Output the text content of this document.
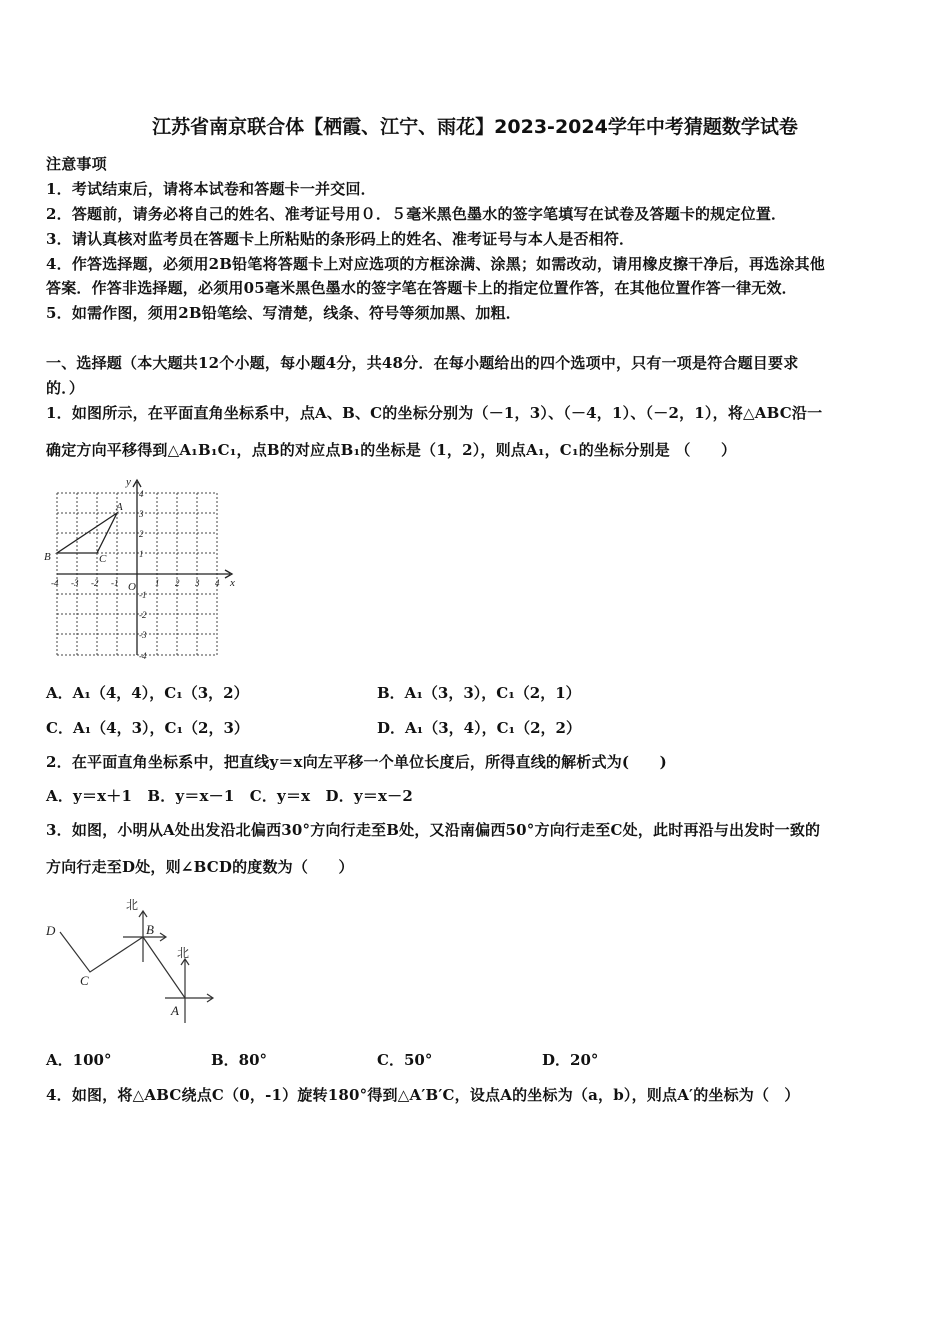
江苏省南京联合体【栖霞、江宁、雨花】2023-2024学年中考猜题数学试卷
注意事项
1．考试结束后，请将本试卷和答题卡一并交回．
2．答题前，请务必将自己的姓名、准考证号用０．５毫米黑色墨水的签字笔填写在试卷及答题卡的规定位置．
3．请认真核对监考员在答题卡上所粘贴的条形码上的姓名、准考证号与本人是否相符．
4．作答选择题，必须用2B铅笔将答题卡上对应选项的方框涂满、涂黑；如需改动，请用橡皮擦干净后，再选涂其他
答案．作答非选择题，必须用05毫米黑色墨水的签字笔在答题卡上的指定位置作答，在其他位置作答一律无效．
5．如需作图，须用2B铅笔绘、写清楚，线条、符号等须加黑、加粗．
一、选择题（本大题共12个小题，每小题4分，共48分．在每小题给出的四个选项中，只有一项是符合题目要求
的．）
1．如图所示，在平面直角坐标系中，点A、B、C的坐标分别为（－1，3）、（－4，1）、（－2，1），将△ABC沿一
确定方向平移得到△A₁B₁C₁，点B的对应点B₁的坐标是（1，2），则点A₁，C₁的坐标分别是 （　　）
y
x
O
A
B	C
-4 -3 -2 -1	1 2 3 4
4
3
2
1
-1
-2
-3
-4
A．A₁（4，4），C₁（3，2）	B．A₁（3，3），C₁（2，1）
C．A₁（4，3），C₁（2，3）	D．A₁（3，4），C₁（2，2）
2．在平面直角坐标系中，把直线y＝x向左平移一个单位长度后，所得直线的解析式为(　　)
A．y＝x＋1　B．y＝x－1　C．y＝x　D．y＝x－2
3．如图，小明从A处出发沿北偏西30°方向行走至B处，又沿南偏西50°方向行走至C处，此时再沿与出发时一致的
方向行走至D处，则∠BCD的度数为（　　）
D
C
B
A
北
北
A．100°	B．80°	C．50°	D．20°
4．如图，将△ABC绕点C（0，-1）旋转180°得到△A′B′C，设点A的坐标为（a，b），则点A′的坐标为（　）
